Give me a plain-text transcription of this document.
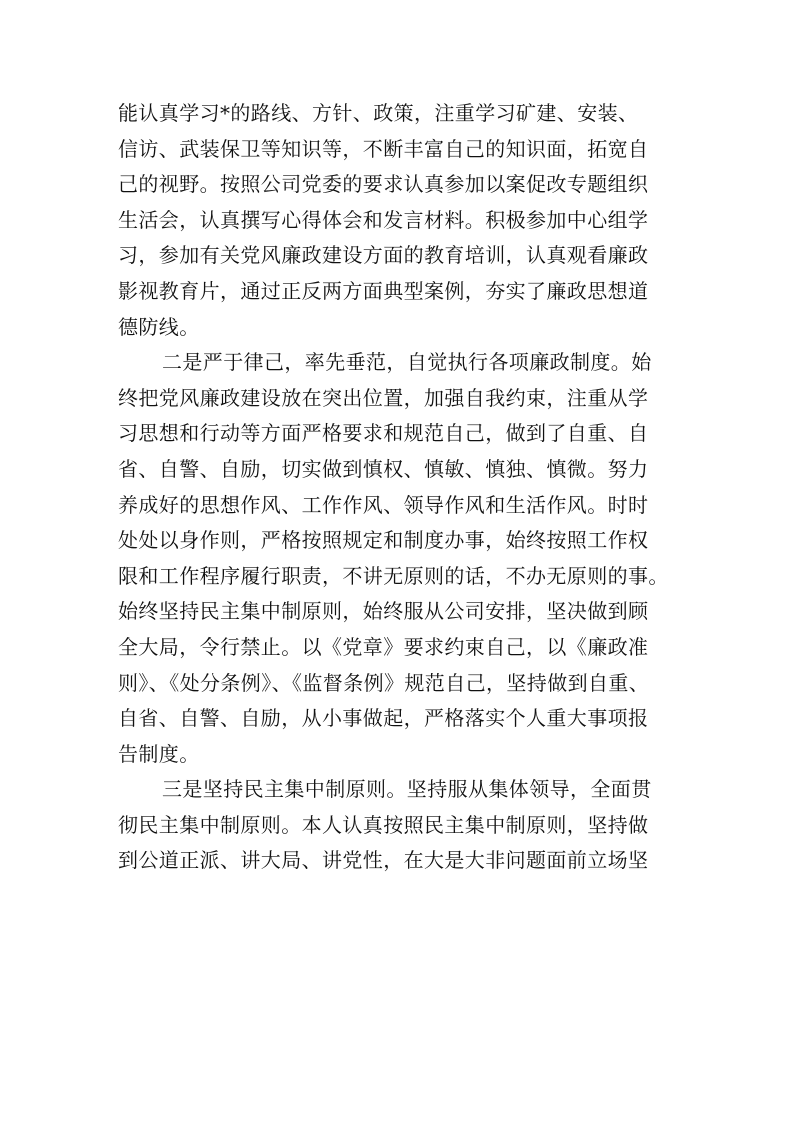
能认真学习*的路线、方针、政策，注重学习矿建、安装、
信访、武装保卫等知识等，不断丰富自己的知识面，拓宽自
己的视野。按照公司党委的要求认真参加以案促改专题组织
生活会，认真撰写心得体会和发言材料。积极参加中心组学
习，参加有关党风廉政建设方面的教育培训，认真观看廉政
影视教育片，通过正反两方面典型案例，夯实了廉政思想道
德防线。
二是严于律己，率先垂范，自觉执行各项廉政制度。始
终把党风廉政建设放在突出位置，加强自我约束，注重从学
习思想和行动等方面严格要求和规范自己，做到了自重、自
省、自警、自励，切实做到慎权、慎敏、慎独、慎微。努力
养成好的思想作风、工作作风、领导作风和生活作风。时时
处处以身作则，严格按照规定和制度办事，始终按照工作权
限和工作程序履行职责，不讲无原则的话，不办无原则的事。
始终坚持民主集中制原则，始终服从公司安排，坚决做到顾
全大局，令行禁止。以《党章》要求约束自己，以《廉政准
则》、《处分条例》、《监督条例》规范自己，坚持做到自重、
自省、自警、自励，从小事做起，严格落实个人重大事项报
告制度。
三是坚持民主集中制原则。坚持服从集体领导，全面贯
彻民主集中制原则。本人认真按照民主集中制原则，坚持做
到公道正派、讲大局、讲党性，在大是大非问题面前立场坚
